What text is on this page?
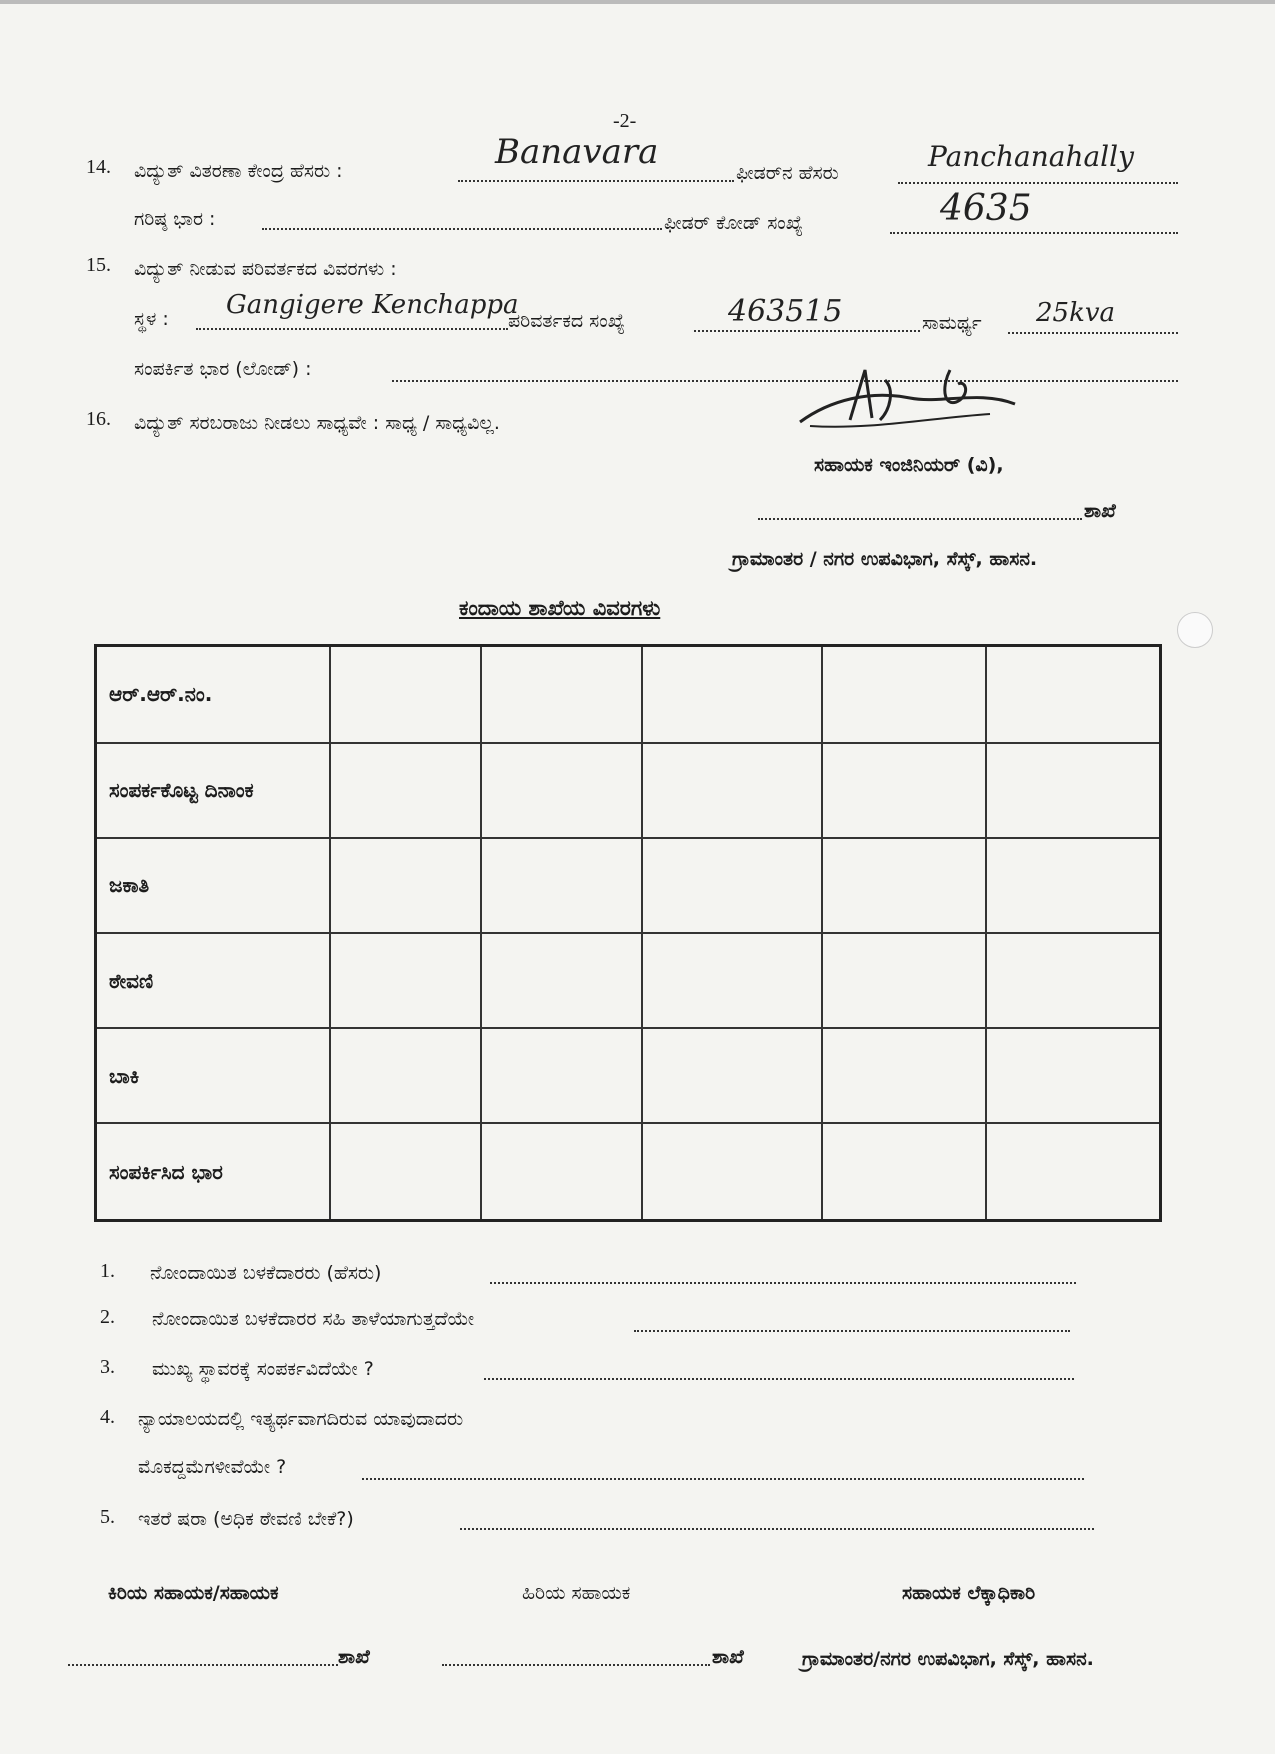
-2-
14. ವಿದ್ಯುತ್ ವಿತರಣಾ ಕೇಂದ್ರ ಹೆಸರು :	Banavara
ಫೀಡರ್‌ನ ಹೆಸರು	Panchanahally
ಗರಿಷ್ಠ ಭಾರ :	ಫೀಡರ್ ಕೋಡ್ ಸಂಖ್ಯೆ	4635
15. ವಿದ್ಯುತ್ ನೀಡುವ ಪರಿವರ್ತಕದ ವಿವರಗಳು :
ಸ್ಥಳ : Gangigere Kenchappa
ಪರಿವರ್ತಕದ ಸಂಖ್ಯೆ	463515	ಸಾಮರ್ಥ್ಯ 25kva
ಸಂಪರ್ಕಿತ ಭಾರ (ಲೋಡ್) :
16. ವಿದ್ಯುತ್ ಸರಬರಾಜು ನೀಡಲು ಸಾಧ್ಯವೇ : ಸಾಧ್ಯ / ಸಾಧ್ಯವಿಲ್ಲ.
ಸಹಾಯಕ ಇಂಜಿನಿಯರ್ (ವಿ),
ಶಾಖೆ
ಗ್ರಾಮಾಂತರ / ನಗರ ಉಪವಿಭಾಗ, ಸೆಸ್ಕ್, ಹಾಸನ.
ಕಂದಾಯ ಶಾಖೆಯ ವಿವರಗಳು
ಆರ್.ಆರ್.ನಂ.					
ಸಂಪರ್ಕಕೊಟ್ಟ ದಿನಾಂಕ					
ಜಕಾತಿ					
ಠೇವಣಿ					
ಬಾಕಿ					
ಸಂಪರ್ಕಿಸಿದ ಭಾರ					
1. ನೋಂದಾಯಿತ ಬಳಕೆದಾರರು (ಹೆಸರು)
2. ನೋಂದಾಯಿತ ಬಳಕೆದಾರರ ಸಹಿ ತಾಳೆಯಾಗುತ್ತದೆಯೇ
3. ಮುಖ್ಯ ಸ್ಥಾವರಕ್ಕೆ ಸಂಪರ್ಕವಿದೆಯೇ ?
4. ನ್ಯಾಯಾಲಯದಲ್ಲಿ ಇತ್ಯರ್ಥವಾಗದಿರುವ ಯಾವುದಾದರು
ಮೊಕದ್ದಮೆಗಳೀವೆಯೇ ?
5. ಇತರೆ ಷರಾ (ಅಧಿಕ ಠೇವಣಿ ಬೇಕೆ?)
ಕಿರಿಯ ಸಹಾಯಕ/ಸಹಾಯಕ	ಹಿರಿಯ ಸಹಾಯಕ	ಸಹಾಯಕ ಲೆಕ್ಕಾಧಿಕಾರಿ
ಶಾಖೆ	ಶಾಖೆ	ಗ್ರಾಮಾಂತರ/ನಗರ ಉಪವಿಭಾಗ, ಸೆಸ್ಕ್, ಹಾಸನ.
